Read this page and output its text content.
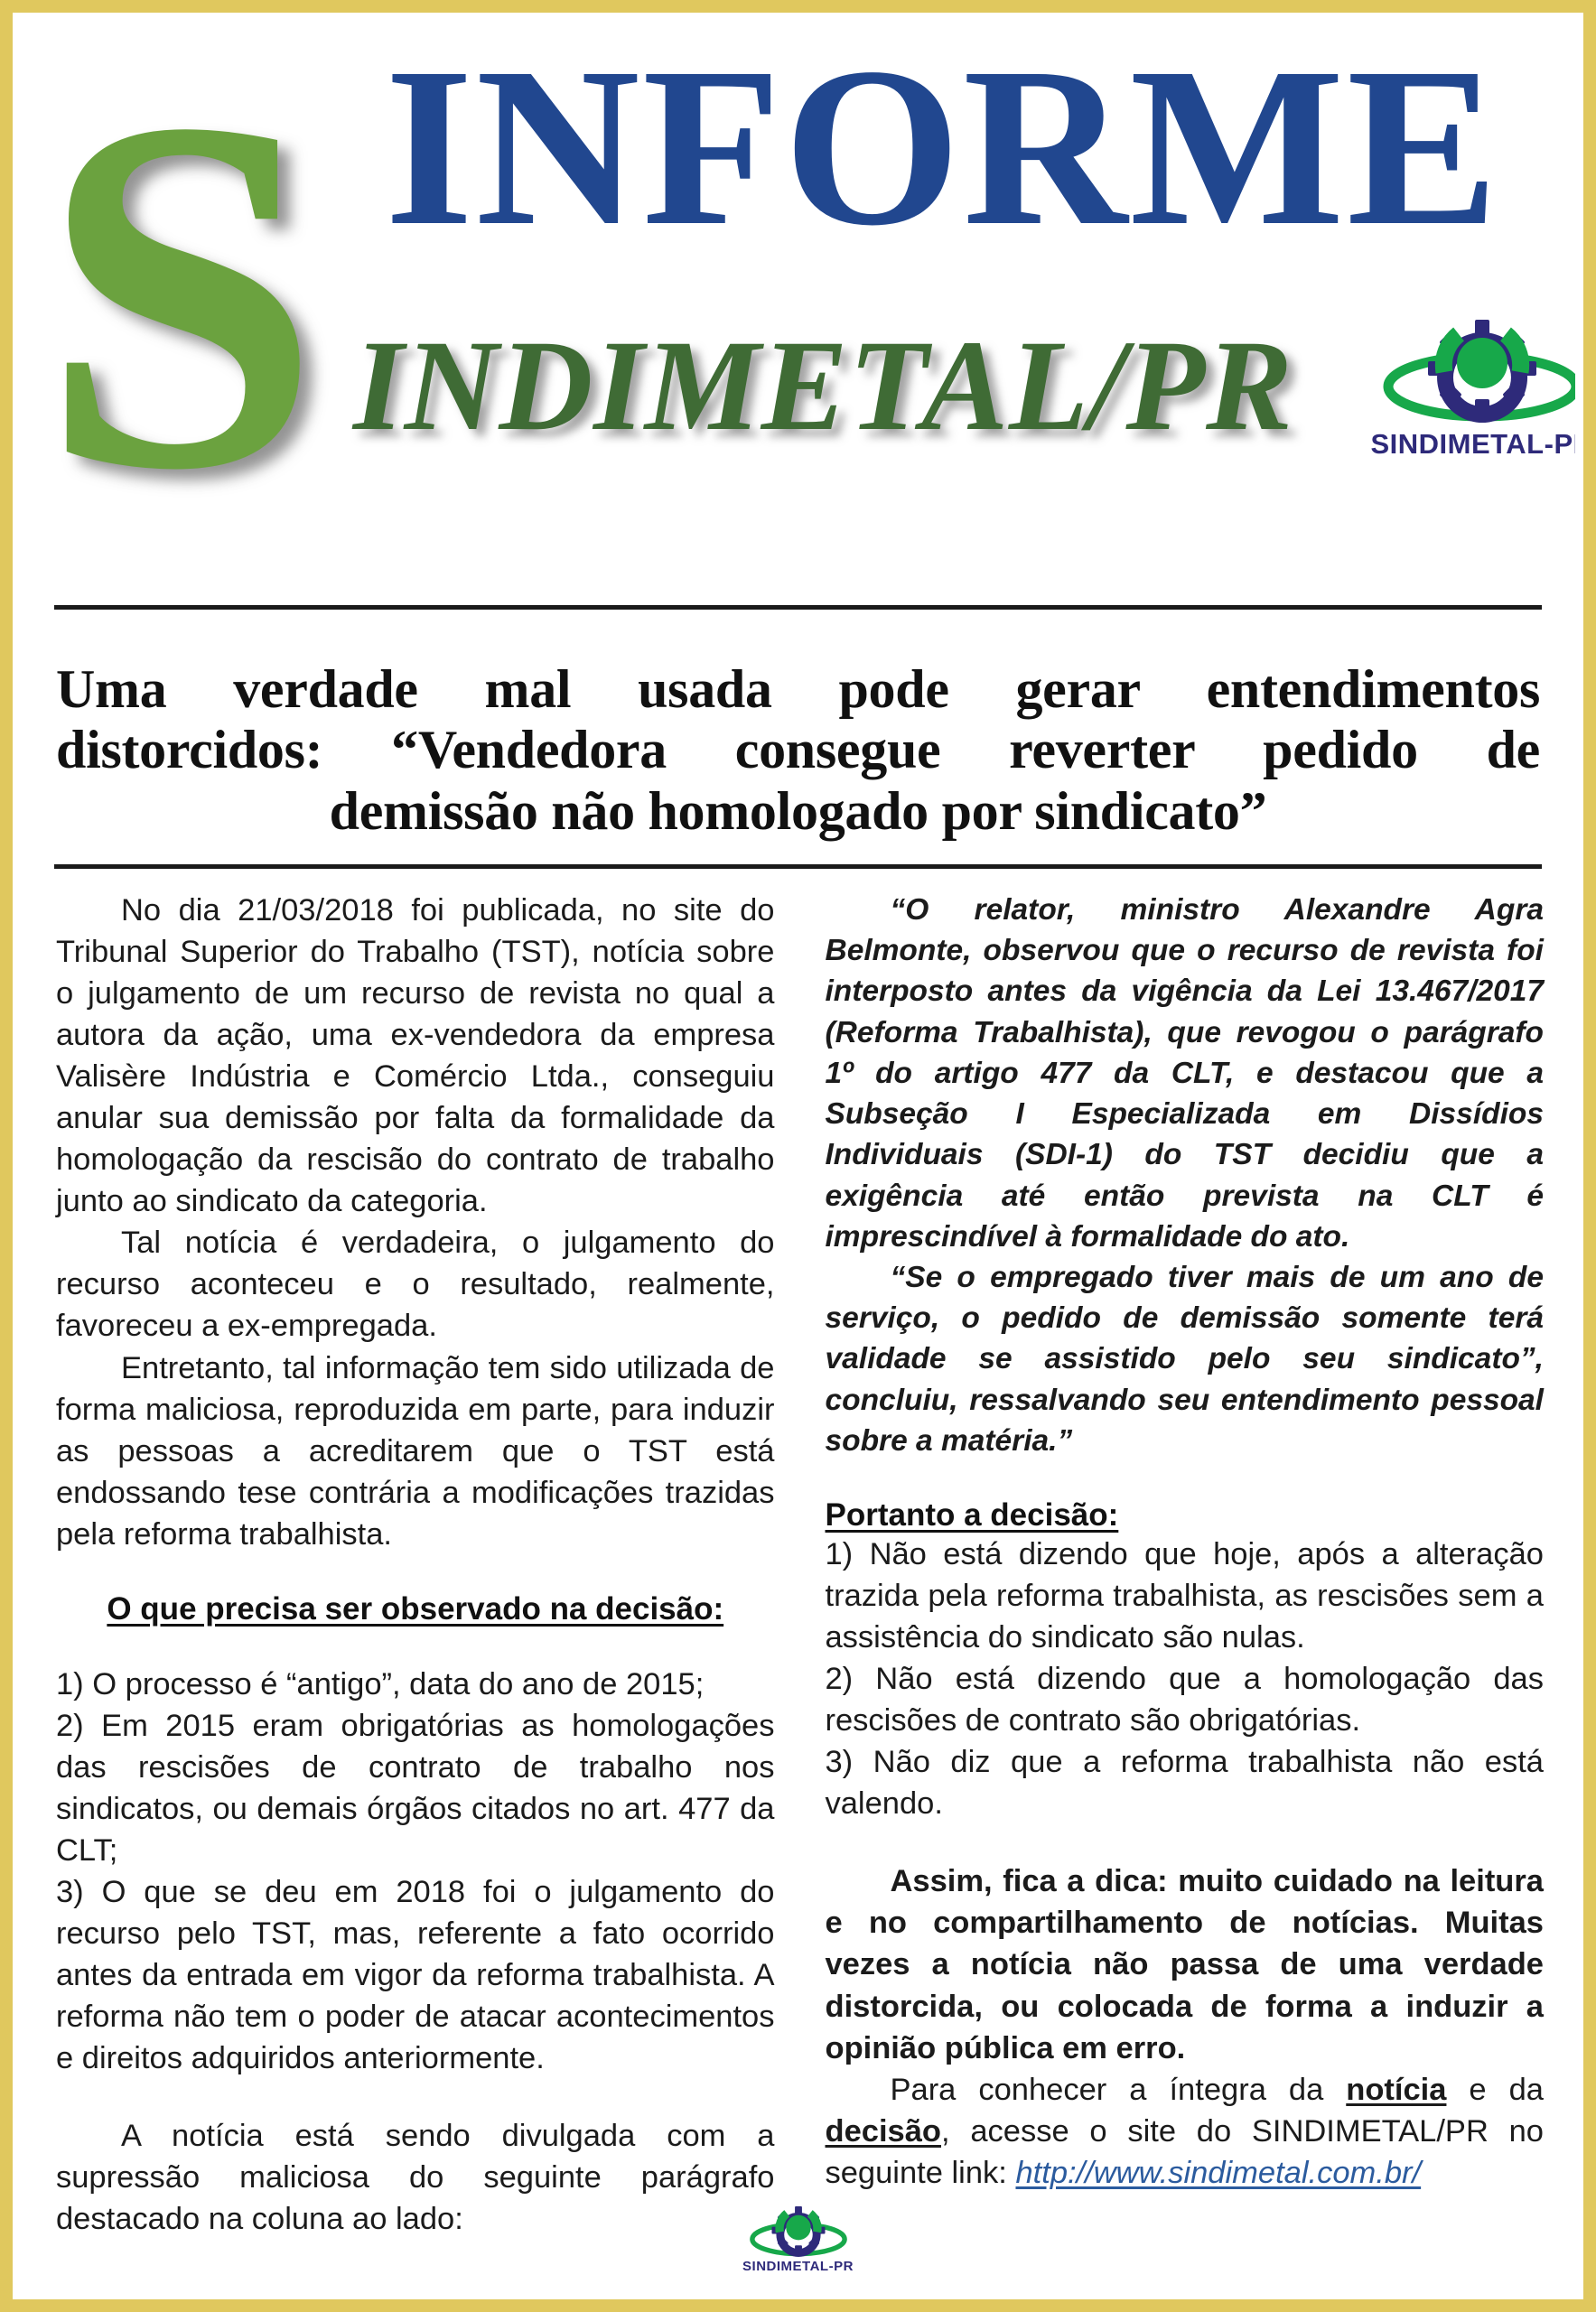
S INFORME
INDIMETAL/PR	SINDIMETAL-PR
Uma verdade mal usada pode gerar entendimentos
distorcidos: “Vendedora consegue reverter pedido de
demissão não homologado por sindicato”

No dia 21/03/2018 foi publicada, no site do Tribunal Superior do Trabalho (TST), notícia sobre o julgamento de um recurso de revista no qual a autora da ação, uma ex-vendedora da empresa Valisère Indústria e Comércio Ltda., conseguiu anular sua demissão por falta da formalidade da homologação da rescisão do contrato de trabalho junto ao sindicato da categoria.

Tal notícia é verdadeira, o julgamento do recurso aconteceu e o resultado, realmente, favoreceu a ex-empregada.

Entretanto, tal informação tem sido utilizada de forma maliciosa, reproduzida em parte, para induzir as pessoas a acreditarem que o TST está endossando tese contrária a modificações trazidas pela reforma trabalhista.

O que precisa ser observado na decisão:

1) O processo é “antigo”, data do ano de 2015;

2) Em 2015 eram obrigatórias as homologações das rescisões de contrato de trabalho nos sindicatos, ou demais órgãos citados no art. 477 da CLT;

3) O que se deu em 2018 foi o julgamento do recurso pelo TST, mas, referente a fato ocorrido antes da entrada em vigor da reforma trabalhista. A reforma não tem o poder de atacar acontecimentos e direitos adquiridos anteriormente.

A notícia está sendo divulgada com a supressão maliciosa do seguinte parágrafo destacado na coluna ao lado:

“O relator, ministro Alexandre Agra Belmonte, observou que o recurso de revista foi interposto antes da vigência da Lei 13.467/2017 (Reforma Trabalhista), que revogou o parágrafo 1º do artigo 477 da CLT, e destacou que a Subseção I Especializada em Dissídios Individuais (SDI-1) do TST decidiu que a exigência até então prevista na CLT é imprescindível à formalidade do ato.

“Se o empregado tiver mais de um ano de serviço, o pedido de demissão somente terá validade se assistido pelo seu sindicato”, concluiu, ressalvando seu entendimento pessoal sobre a matéria.”

Portanto a decisão:

1) Não está dizendo que hoje, após a alteração trazida pela reforma trabalhista, as rescisões sem a assistência do sindicato são nulas.

2) Não está dizendo que a homologação das rescisões de contrato são obrigatórias.

3) Não diz que a reforma trabalhista não está valendo.

Assim, fica a dica: muito cuidado na leitura e no compartilhamento de notícias. Muitas vezes a notícia não passa de uma verdade distorcida, ou colocada de forma a induzir a opinião pública em erro.

Para conhecer a íntegra da notícia e da decisão, acesse o site do SINDIMETAL/PR no seguinte link: http://www.sindimetal.com.br/

SINDIMETAL-PR
